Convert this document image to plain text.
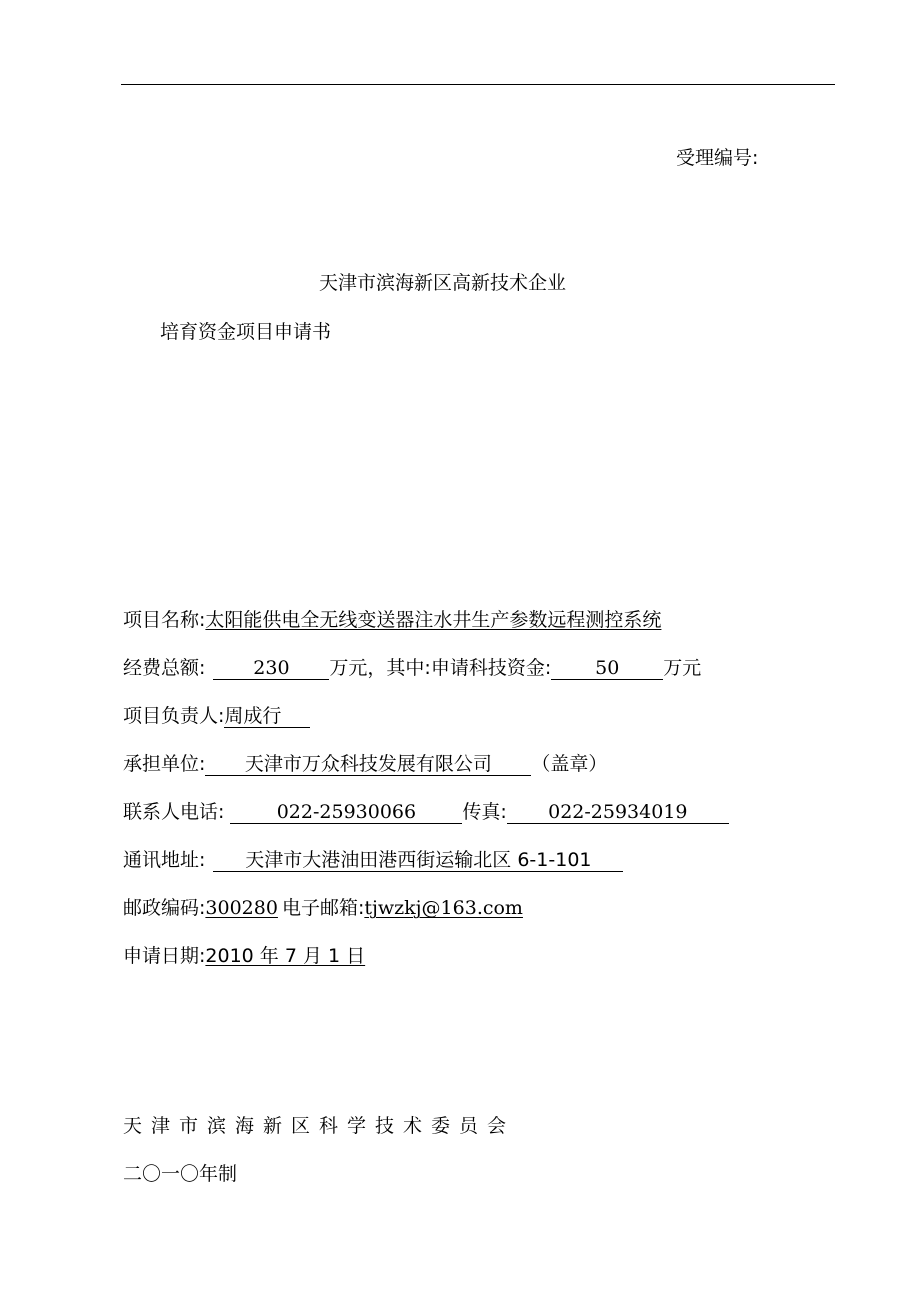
受理编号:
天津市滨海新区高新技术企业
培育资金项目申请书
项目名称:太阳能供电全无线变送器注水井生产参数远程测控系统
经费总额:	230 万元，其中:申请科技资金: 50 万元
项目负责人:周成行
承担单位: 天津市万众科技发展有限公司 （盖章）
联系人电话:	022-25930066 传真: 022-25934019
通讯地址: 天津市大港油田港西街运输北区 6-1-101
邮政编码:300280 电子邮箱:tjwzkj@163.com
申请日期:2010 年 7 月 1 日
天津市滨海新区科学技术委员会
二〇一〇年制
